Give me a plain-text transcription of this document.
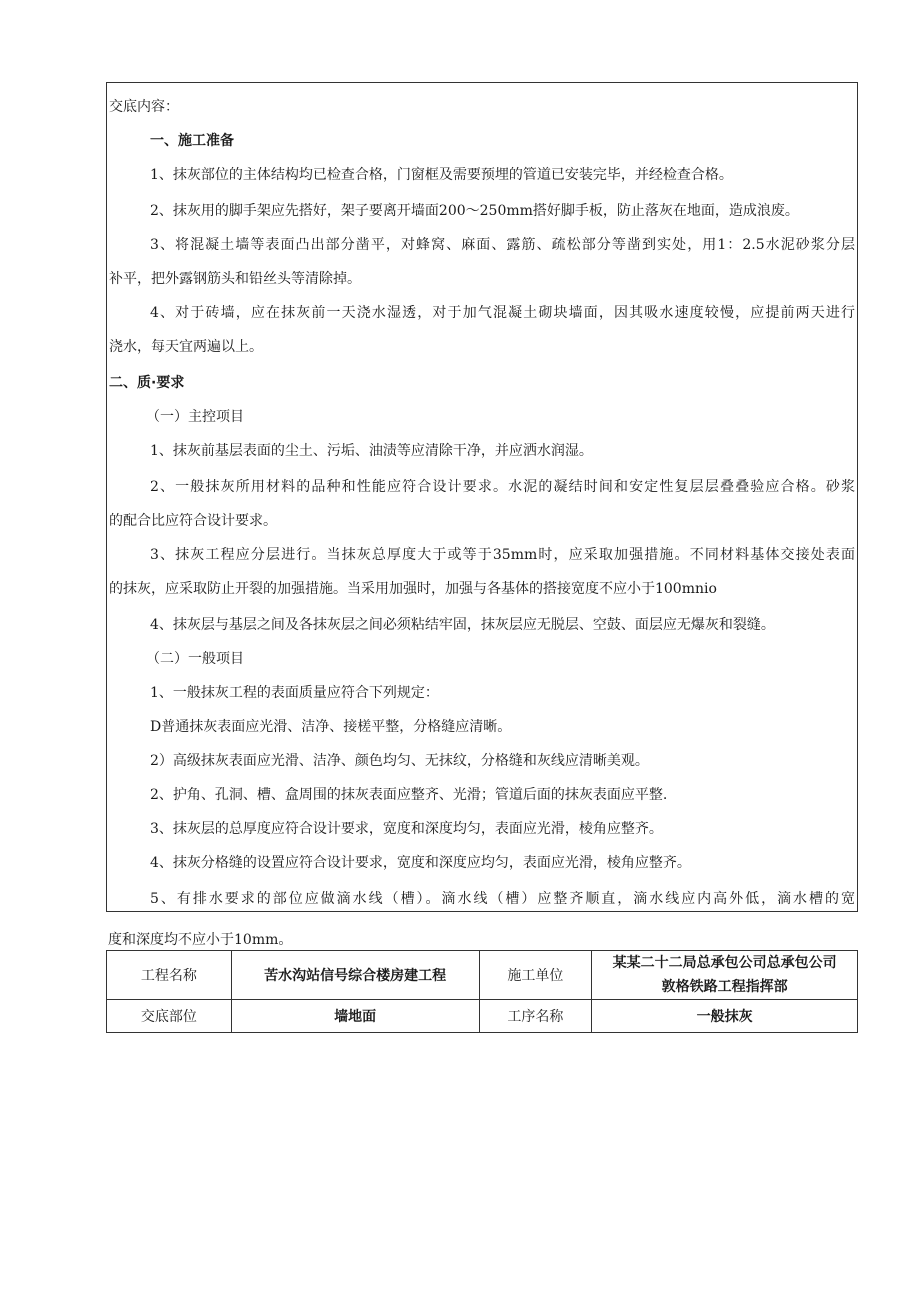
交底内容：
一、施工准备
1、抹灰部位的主体结构均已检查合格，门窗框及需要预埋的管道已安装完毕，并经检查合格。
2、抹灰用的脚手架应先搭好，架子要离开墙面200～250mm搭好脚手板，防止落灰在地面，造成浪废。
3、将混凝土墙等表面凸出部分凿平，对蜂窝、麻面、露筋、疏松部分等凿到实处，用1：2.5水泥砂浆分层
补平，把外露钢筋头和铅丝头等清除掉。
4、对于砖墙，应在抹灰前一天浇水湿透，对于加气混凝土砌块墙面，因其吸水速度较慢，应提前两天进行
浇水，每天宜两遍以上。
二、质·要求
（一）主控项目
1、抹灰前基层表面的尘土、污垢、油渍等应清除干净，并应洒水润湿。
2、一般抹灰所用材料的品种和性能应符合设计要求。水泥的凝结时间和安定性复层层叠叠验应合格。砂浆
的配合比应符合设计要求。
3、抹灰工程应分层进行。当抹灰总厚度大于或等于35mm时，应采取加强措施。不同材料基体交接处表面
的抹灰，应采取防止开裂的加强措施。当采用加强时，加强与各基体的搭接宽度不应小于100mnio
4、抹灰层与基层之间及各抹灰层之间必须粘结牢固，抹灰层应无脱层、空鼓、面层应无爆灰和裂缝。
（二）一般项目
1、一般抹灰工程的表面质量应符合下列规定：
D普通抹灰表面应光滑、洁净、接槎平整，分格缝应清晰。
2）高级抹灰表面应光滑、洁净、颜色均匀、无抹纹，分格缝和灰线应清晰美观。
2、护角、孔洞、槽、盒周围的抹灰表面应整齐、光滑；管道后面的抹灰表面应平整.
3、抹灰层的总厚度应符合设计要求，宽度和深度均匀，表面应光滑，棱角应整齐。
4、抹灰分格缝的设置应符合设计要求，宽度和深度应均匀，表面应光滑，棱角应整齐。
5、有排水要求的部位应做滴水线（槽）。滴水线（槽）应整齐顺直，滴水线应内高外低，滴水槽的宽
度和深度均不应小于10mm。
工程名称	苦水沟站信号综合楼房建工程	施工单位	某某二十二局总承包公司总承包公司
敦格铁路工程指挥部

交底部位	墙地面	工序名称	一般抹灰
